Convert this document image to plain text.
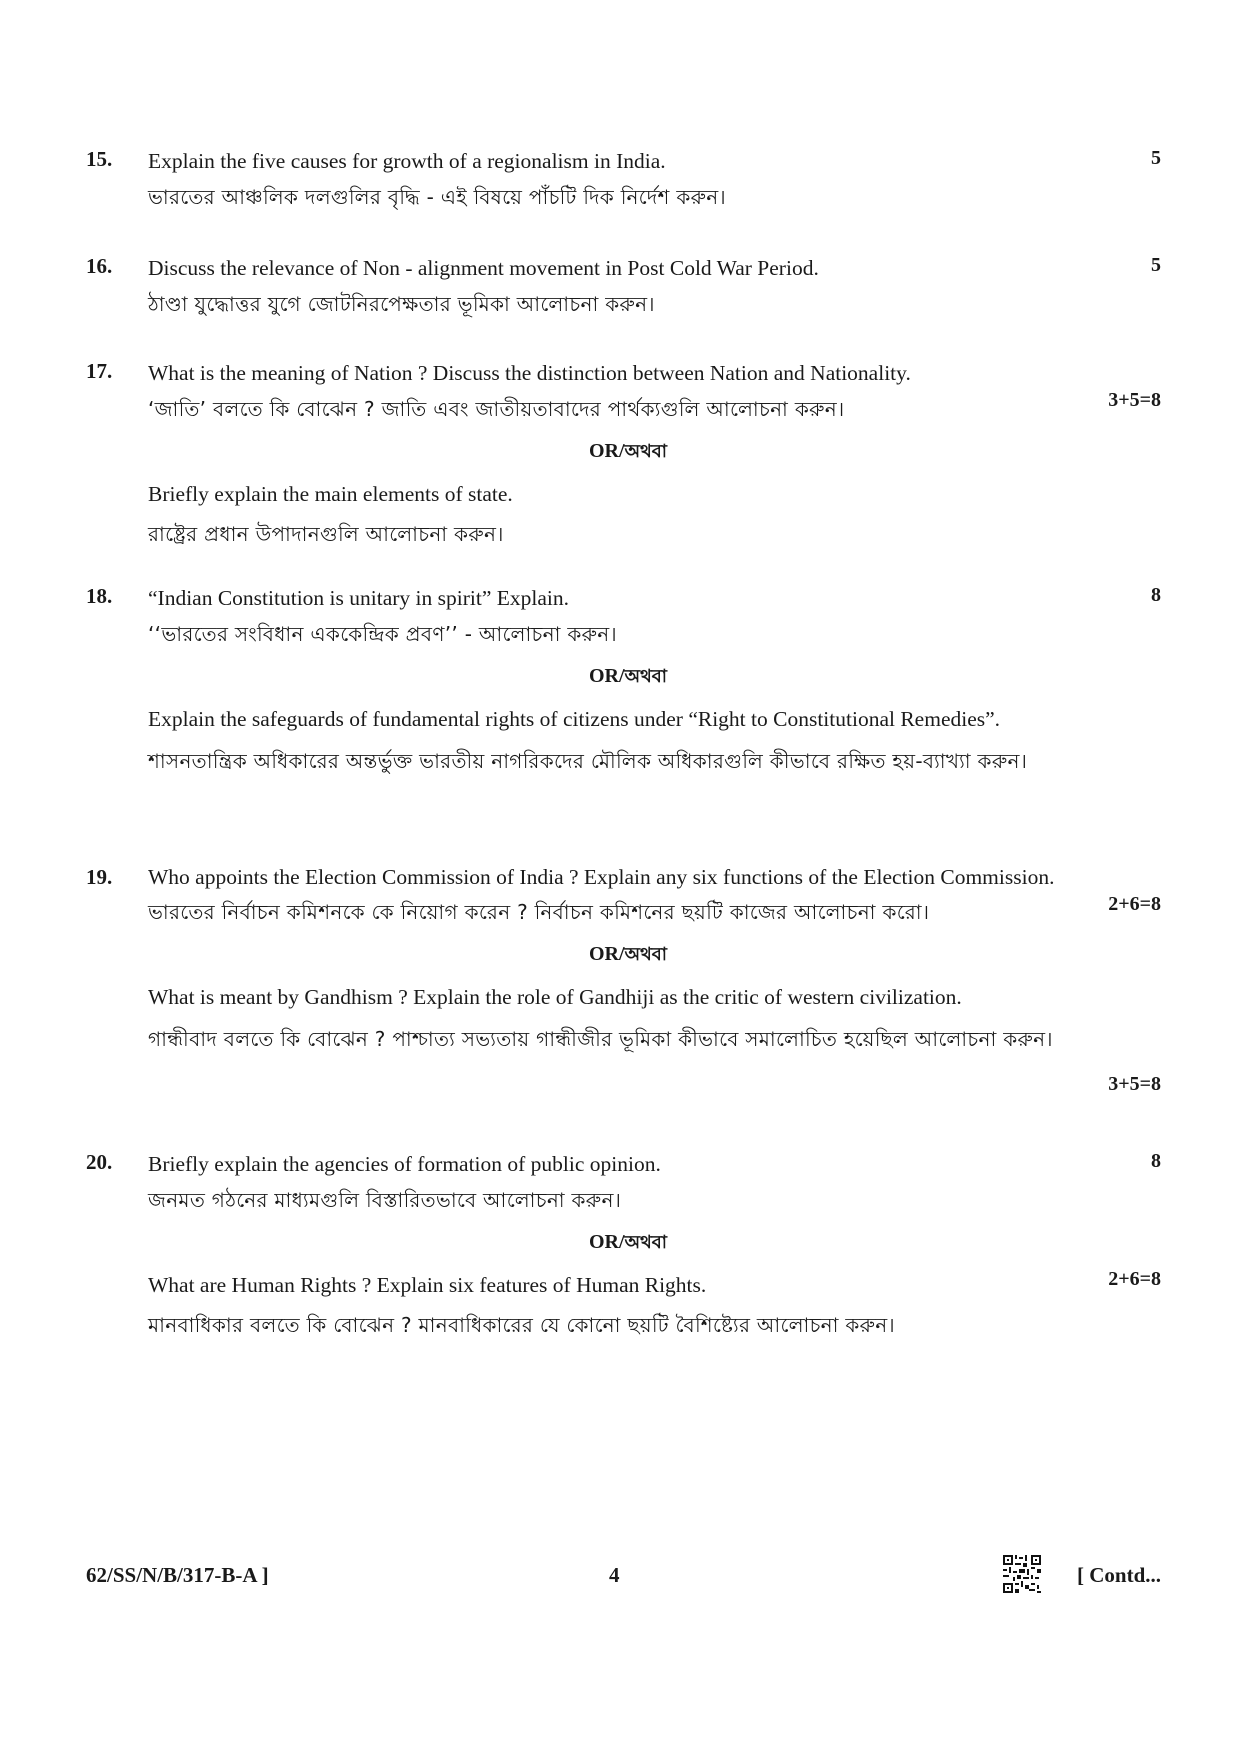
15.	5
Explain the five causes for growth of a regionalism in India.
ভারতের আঞ্চলিক দলগুলির বৃদ্ধি - এই বিষয়ে পাঁচটি দিক নির্দেশ করুন।
16.	5
Discuss the relevance of Non - alignment movement in Post Cold War Period.
ঠাণ্ডা যুদ্ধোত্তর যুগে জোটনিরপেক্ষতার ভূমিকা আলোচনা করুন।
17.
3+5=8
What is the meaning of Nation ? Discuss the distinction between Nation and Nationality.
‘জাতি’ বলতে কি বোঝেন ? জাতি এবং জাতীয়তাবাদের পার্থক্যগুলি আলোচনা করুন।
OR/অথবা
Briefly explain the main elements of state.
রাষ্ট্রের প্রধান উপাদানগুলি আলোচনা করুন।
18.	8
“Indian Constitution is unitary in spirit” Explain.
‘‘ভারতের সংবিধান এককেন্দ্রিক প্রবণ’’ - আলোচনা করুন।
OR/অথবা
Explain the safeguards of fundamental rights of citizens under “Right to Constitutional Remedies”.
শাসনতান্ত্রিক অধিকারের অন্তর্ভুক্ত ভারতীয় নাগরিকদের মৌলিক অধিকারগুলি কীভাবে রক্ষিত হয়-ব্যাখ্যা করুন।
19.
2+6=8
Who appoints the Election Commission of India ? Explain any six functions of the Election Commission.
ভারতের নির্বাচন কমিশনকে কে নিয়োগ করেন ? নির্বাচন কমিশনের ছয়টি কাজের আলোচনা করো।
OR/অথবা
What is meant by Gandhism ? Explain the role of Gandhiji as the critic of western civilization.
গান্ধীবাদ বলতে কি বোঝেন ? পাশ্চাত্য সভ্যতায় গান্ধীজীর ভূমিকা কীভাবে সমালোচিত হয়েছিল আলোচনা করুন।
3+5=8
20.	8
Briefly explain the agencies of formation of public opinion.
জনমত গঠনের মাধ্যমগুলি বিস্তারিতভাবে আলোচনা করুন।
OR/অথবা
What are Human Rights ? Explain six features of Human Rights.
মানবাধিকার বলতে কি বোঝেন ? মানবাধিকারের যে কোনো ছয়টি বৈশিষ্ট্যের আলোচনা করুন।
2+6=8
62/SS/N/B/317-B-A ]	4	[ Contd...
